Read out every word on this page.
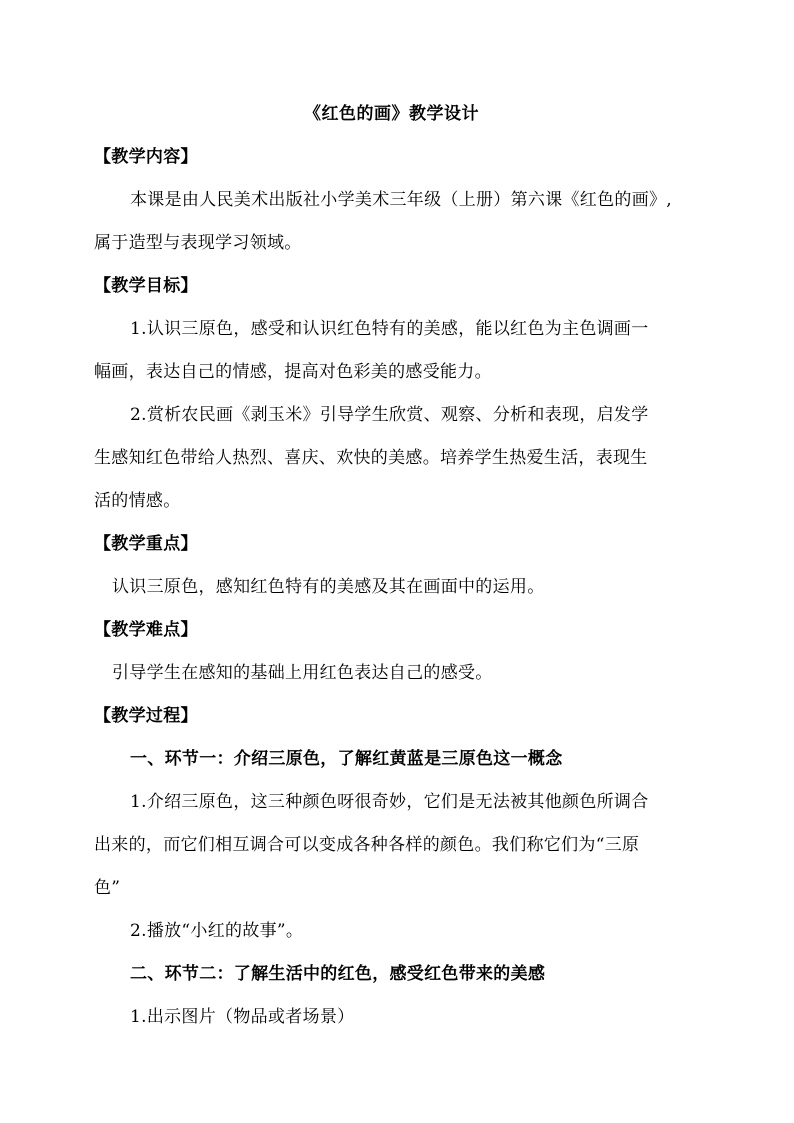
《红色的画》教学设计
【教学内容】
本课是由人民美术出版社小学美术三年级（上册）第六课《红色的画》,
属于造型与表现学习领域。
【教学目标】
1.认识三原色，感受和认识红色特有的美感，能以红色为主色调画一
幅画，表达自己的情感，提高对色彩美的感受能力。
2.赏析农民画《剥玉米》引导学生欣赏、观察、分析和表现，启发学
生感知红色带给人热烈、喜庆、欢快的美感。培养学生热爱生活，表现生
活的情感。
【教学重点】
认识三原色，感知红色特有的美感及其在画面中的运用。
【教学难点】
引导学生在感知的基础上用红色表达自己的感受。
【教学过程】
一、环节一：介绍三原色，了解红黄蓝是三原色这一概念
1.介绍三原色，这三种颜色呀很奇妙，它们是无法被其他颜色所调合
出来的，而它们相互调合可以变成各种各样的颜色。我们称它们为“三原
色”
2.播放“小红的故事”。
二、环节二：了解生活中的红色，感受红色带来的美感
1.出示图片（物品或者场景）
